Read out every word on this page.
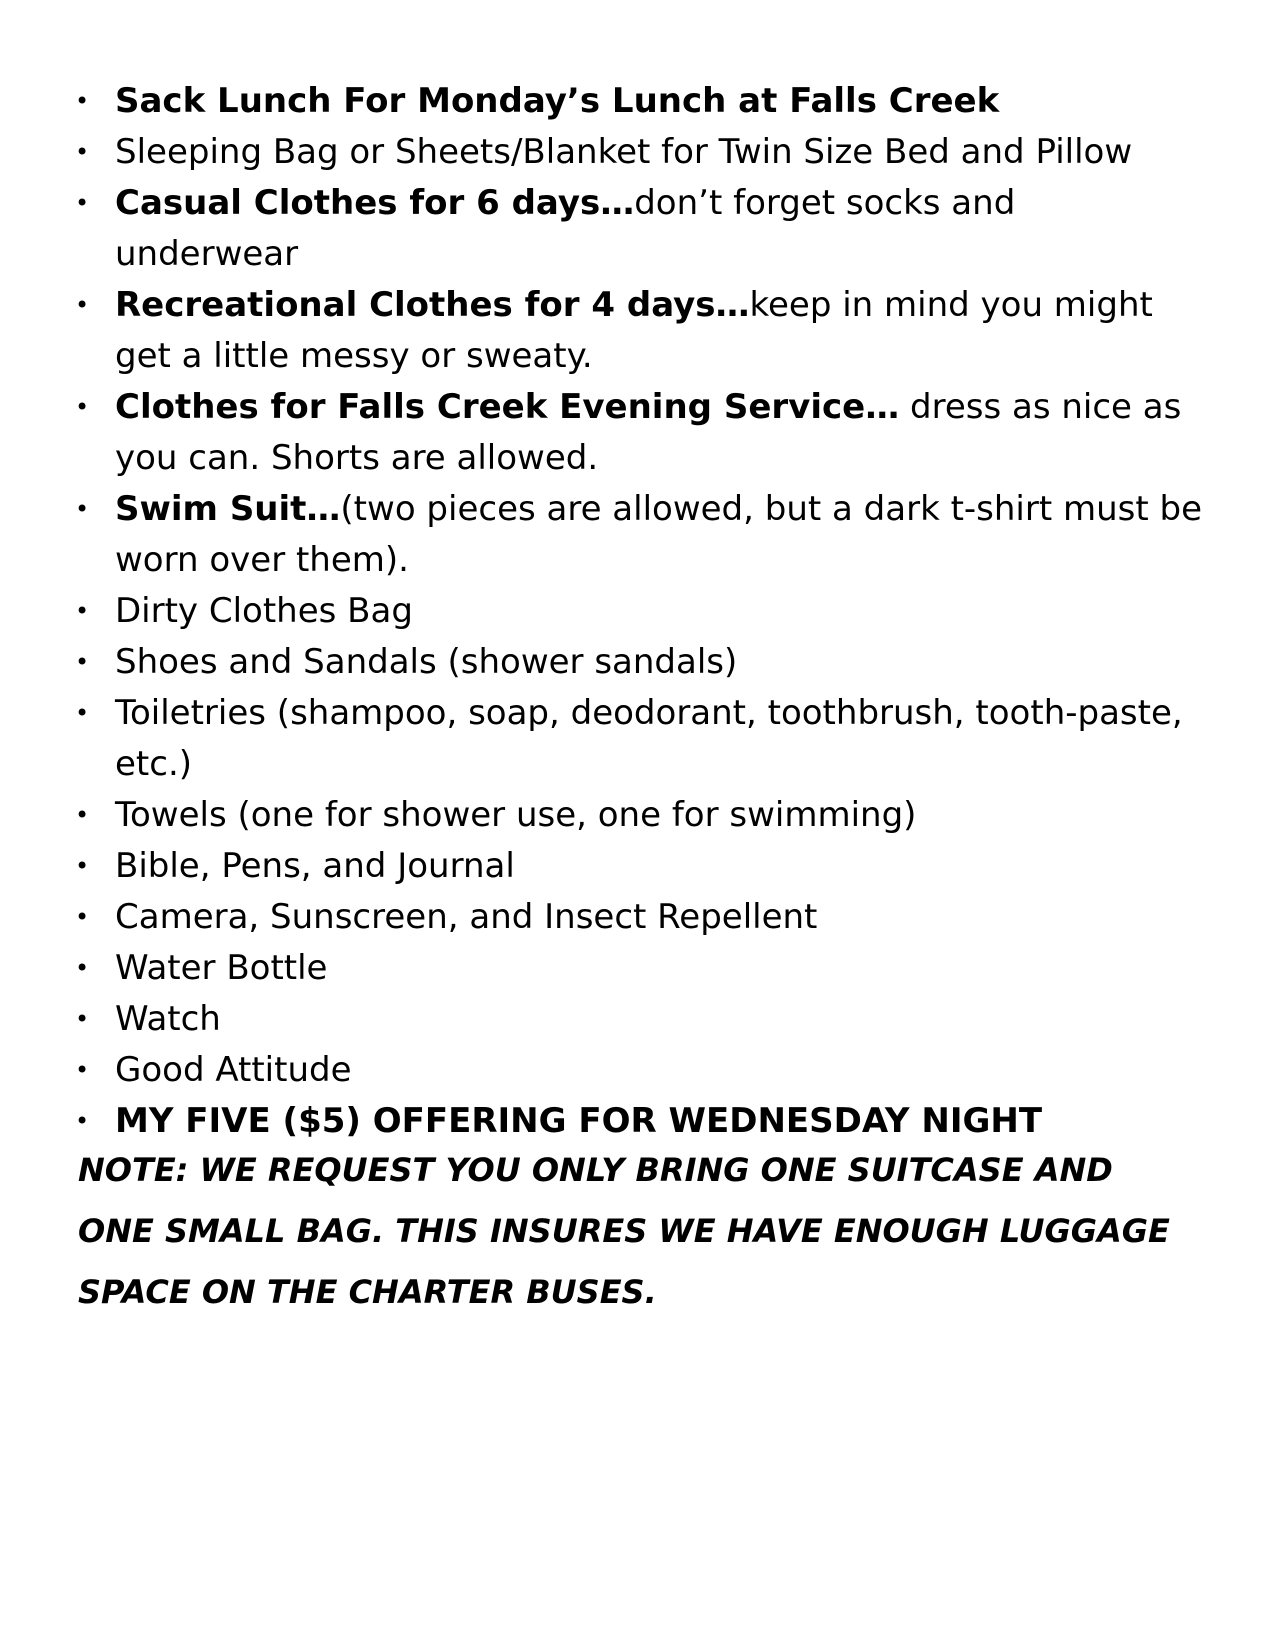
• Sack Lunch For Monday’s Lunch at Falls Creek
• Sleeping Bag or Sheets/Blanket for Twin Size Bed and Pillow
• Casual Clothes for 6 days…don’t forget socks and underwear
• Recreational Clothes for 4 days…keep in mind you might get a little messy or sweaty.
• Clothes for Falls Creek Evening Service… dress as nice as you can. Shorts are allowed.
• Swim Suit…(two pieces are allowed, but a dark t-shirt must be worn over them).
• Dirty Clothes Bag
• Shoes and Sandals (shower sandals)
• Toiletries (shampoo, soap, deodorant, toothbrush, tooth-paste, etc.)
• Towels (one for shower use, one for swimming)
• Bible, Pens, and Journal
• Camera, Sunscreen, and Insect Repellent
• Water Bottle
• Watch
• Good Attitude
• MY FIVE ($5) OFFERING FOR WEDNESDAY NIGHT

NOTE: WE REQUEST YOU ONLY BRING ONE SUITCASE AND ONE SMALL BAG. THIS INSURES WE HAVE ENOUGH LUGGAGE SPACE ON THE CHARTER BUSES.
